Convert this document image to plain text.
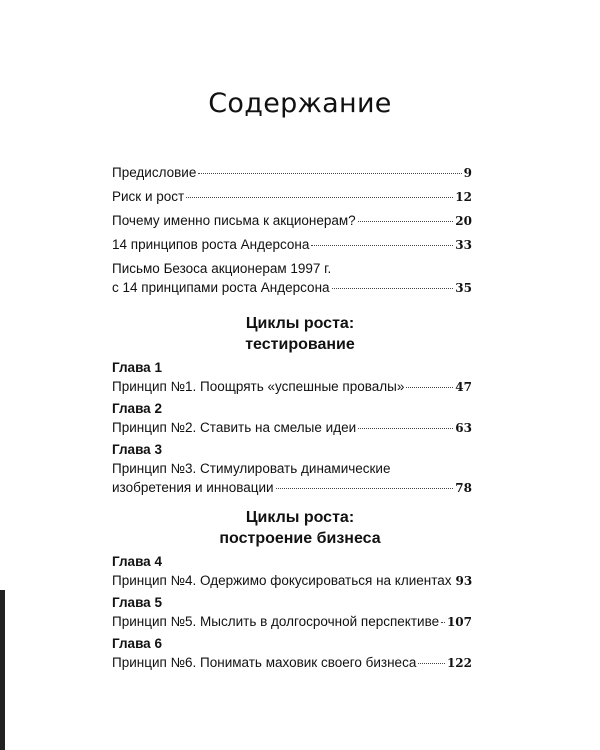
Содержание
Предисловие	9
Риск и рост	12
Почему именно письма к акционерам?	20
14 принципов роста Андерсона	33
Письмо Безоса акционерам 1997 г.
с 14 принципами роста Андерсона	35
Циклы роста:
тестирование
Глава 1
Принцип №1. Поощрять «успешные провалы»	47
Глава 2
Принцип №2. Ставить на смелые идеи	63
Глава 3
Принцип №3. Стимулировать динамические
изобретения и инновации	78
Циклы роста:
построение бизнеса
Глава 4
Принцип №4. Одержимо фокусироваться на клиентах 93
Глава 5
Принцип №5. Мыслить в долгосрочной перспективе 107
Глава 6
Принцип №6. Понимать маховик своего бизнеса	122
